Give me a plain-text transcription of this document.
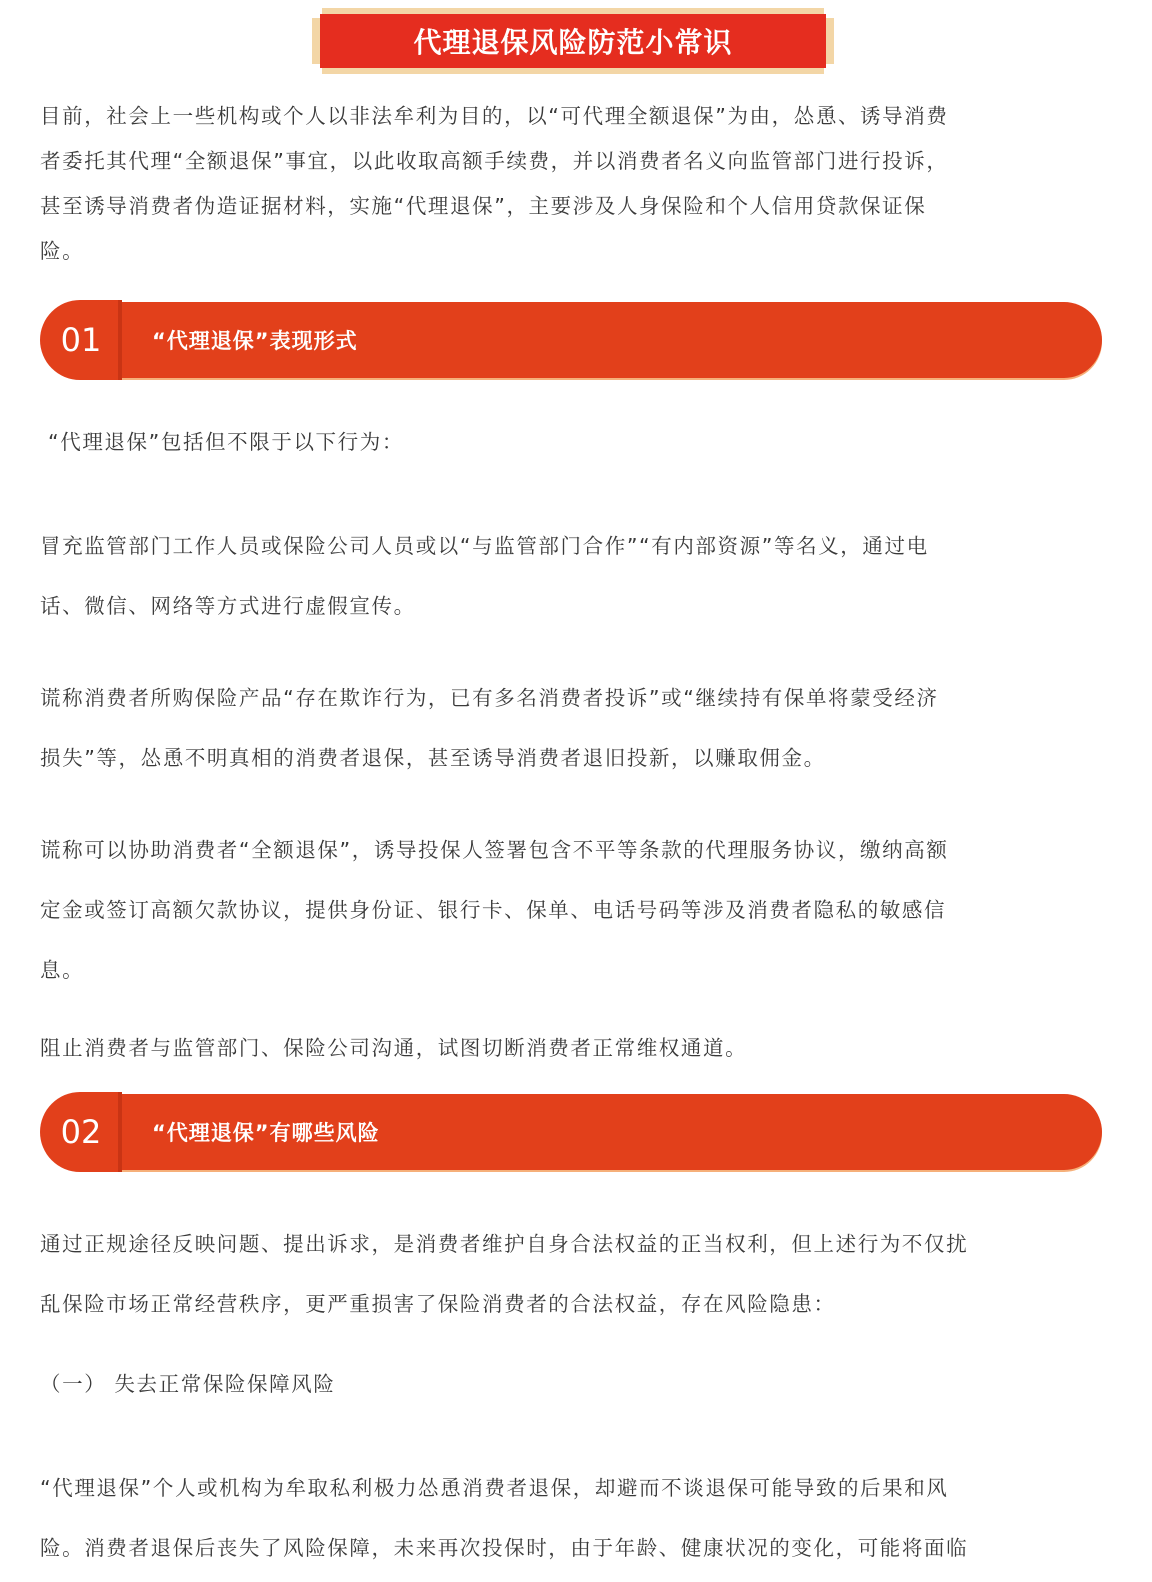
代理退保风险防范小常识

目前，社会上一些机构或个人以非法牟利为目的，以“可代理全额退保”为由，怂恿、诱导消费
者委托其代理“全额退保”事宜，以此收取高额手续费，并以消费者名义向监管部门进行投诉，
甚至诱导消费者伪造证据材料，实施“代理退保”，主要涉及人身保险和个人信用贷款保证保
险。

01	“代理退保”表现形式

“代理退保”包括但不限于以下行为：

冒充监管部门工作人员或保险公司人员或以“与监管部门合作”“有内部资源”等名义，通过电
话、微信、网络等方式进行虚假宣传。

谎称消费者所购保险产品“存在欺诈行为，已有多名消费者投诉”或“继续持有保单将蒙受经济
损失”等，怂恿不明真相的消费者退保，甚至诱导消费者退旧投新，以赚取佣金。

谎称可以协助消费者“全额退保”，诱导投保人签署包含不平等条款的代理服务协议，缴纳高额
定金或签订高额欠款协议，提供身份证、银行卡、保单、电话号码等涉及消费者隐私的敏感信
息。

阻止消费者与监管部门、保险公司沟通，试图切断消费者正常维权通道。

02	“代理退保”有哪些风险

通过正规途径反映问题、提出诉求，是消费者维护自身合法权益的正当权利，但上述行为不仅扰
乱保险市场正常经营秩序，更严重损害了保险消费者的合法权益，存在风险隐患：

（一） 失去正常保险保障风险

“代理退保”个人或机构为牟取私利极力怂恿消费者退保，却避而不谈退保可能导致的后果和风
险。消费者退保后丧失了风险保障，未来再次投保时，由于年龄、健康状况的变化，可能将面临
